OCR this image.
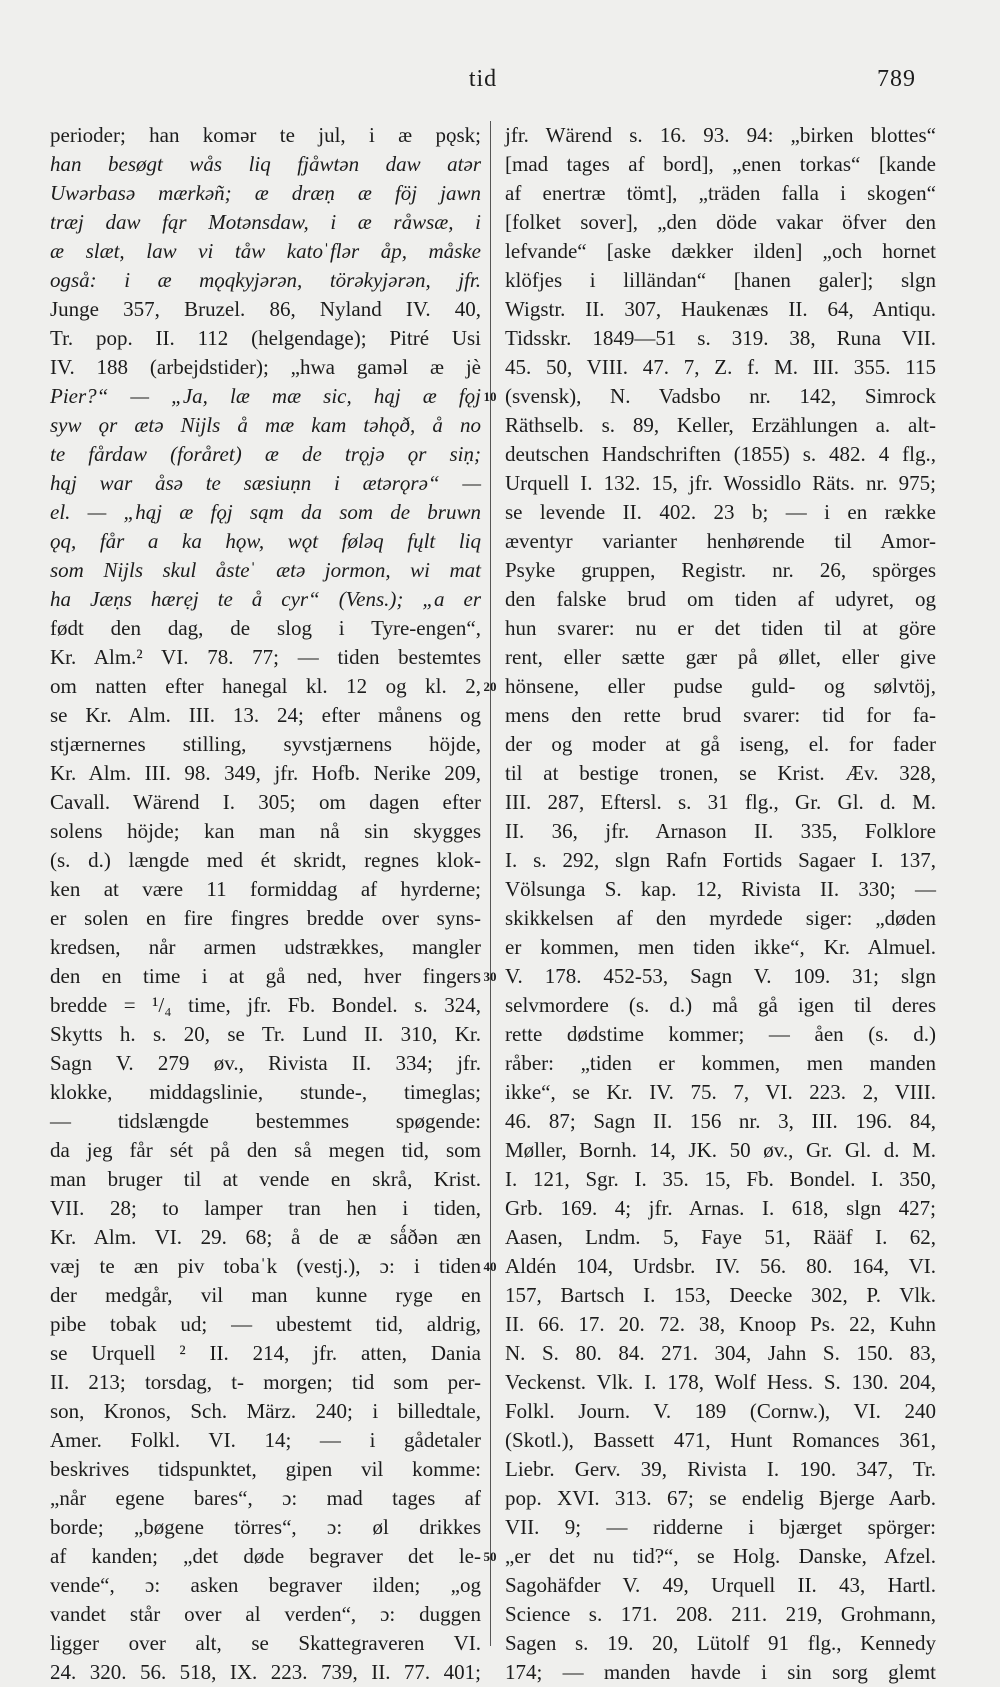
tid	789
perioder; han komər te jul, i æ pǫsk;
han besøgt wås liq fjåwtən daw atər
Uwərbasə mærkəñ; æ dræṇ æ föj jawn
træj daw fąr Motənsdaw, i æ råwsæ, i
æ slæt, law vi tåw katoˈflər åp, måske
også: i æ mǫqkyjərən, törəkyjərən, jfr.
Junge 357, Bruzel. 86, Nyland IV. 40,
Tr. pop. II. 112 (helgendage); Pitré Usi
IV. 188 (arbejdstider); „hwa gaməl æ jè
Pier?“ — „Ja, læ mæ sic, hąj æ fǫj
syw ǫr ætə Nijls å mæ kam təhǫð, å no
te fårdaw (foråret) æ de trǫjə ǫr siṇ;
hąj war åsə te sæsiuṇn i ætərǫrə“ —
el. — „hąj æ fǫj sąm da som de bruwn
ǫq, får a ka hǫw, wǫt føləq fųlt liq
som Nijls skul åsteˈ ætə jormon, wi mat
ha Jæṇs hærẹj te å cyr“ (Vens.); „a er
født den dag, de slog i Tyre-engen“,
Kr. Alm.² VI. 78. 77; — tiden bestemtes
om natten efter hanegal kl. 12 og kl. 2,
se Kr. Alm. III. 13. 24; efter månens og
stjærnernes stilling, syvstjærnens höjde,
Kr. Alm. III. 98. 349, jfr. Hofb. Nerike 209,
Cavall. Wärend I. 305; om dagen efter
solens höjde; kan man nå sin skygges
(s. d.) længde med ét skridt, regnes klok-
ken at være 11 formiddag af hyrderne;
er solen en fire fingres bredde over syns-
kredsen, når armen udstrækkes, mangler
den en time i at gå ned, hver fingers
bredde = ¹/₄ time, jfr. Fb. Bondel. s. 324,
Skytts h. s. 20, se Tr. Lund II. 310, Kr.
Sagn V. 279 øv., Rivista II. 334; jfr.
klokke, middagslinie, stunde-, timeglas;
— tidslængde bestemmes spøgende:
da jeg får sét på den så megen tid, som
man bruger til at vende en skrå, Krist.
VII. 28; to lamper tran hen i tiden,
Kr. Alm. VI. 29. 68; å de æ sǻðən æn
væj te æn piv tobaˈk (vestj.), ɔ: i tiden
der medgår, vil man kunne ryge en
pibe tobak ud; — ubestemt tid, aldrig,
se Urquell ² II. 214, jfr. atten, Dania
II. 213; torsdag, t- morgen; tid som per-
son, Kronos, Sch. März. 240; i billedtale,
Amer. Folkl. VI. 14; — i gådetaler
beskrives tidspunktet, gipen vil komme:
„når egene bares“, ɔ: mad tages af
borde; „bøgene törres“, ɔ: øl drikkes
af kanden; „det døde begraver det le-
vende“, ɔ: asken begraver ilden; „og
vandet står over al verden“, ɔ: duggen
ligger over alt, se Skattegraveren VI.
24. 320. 56. 518, IX. 223. 739, II. 77. 401;
jfr. Wärend s. 16. 93. 94: „birken blottes“
[mad tages af bord], „enen torkas“ [kande
af enertræ tömt], „träden falla i skogen“
[folket sover], „den döde vakar öfver den
lefvande“ [aske dækker ilden] „och hornet
klöfjes i lilländan“ [hanen galer]; slgn
Wigstr. II. 307, Haukenæs II. 64, Antiqu.
Tidsskr. 1849—51 s. 319. 38, Runa VII.
45. 50, VIII. 47. 7, Z. f. M. III. 355. 115
(svensk), N. Vadsbo nr. 142, Simrock
Räthselb. s. 89, Keller, Erzählungen a. alt-
deutschen Handschriften (1855) s. 482. 4 flg.,
Urquell I. 132. 15, jfr. Wossidlo Räts. nr. 975;
se levende II. 402. 23 b; — i en række
æventyr varianter henhørende til Amor-
Psyke gruppen, Registr. nr. 26, spörges
den falske brud om tiden af udyret, og
hun svarer: nu er det tiden til at göre
rent, eller sætte gær på øllet, eller give
hönsene, eller pudse guld- og sølvtöj,
mens den rette brud svarer: tid for fa-
der og moder at gå iseng, el. for fader
til at bestige tronen, se Krist. Æv. 328,
III. 287, Eftersl. s. 31 flg., Gr. Gl. d. M.
II. 36, jfr. Arnason II. 335, Folklore
I. s. 292, slgn Rafn Fortids Sagaer I. 137,
Völsunga S. kap. 12, Rivista II. 330; —
skikkelsen af den myrdede siger: „døden
er kommen, men tiden ikke“, Kr. Almuel.
V. 178. 452-53, Sagn V. 109. 31; slgn
selvmordere (s. d.) må gå igen til deres
rette dødstime kommer; — åen (s. d.)
råber: „tiden er kommen, men manden
ikke“, se Kr. IV. 75. 7, VI. 223. 2, VIII.
46. 87; Sagn II. 156 nr. 3, III. 196. 84,
Møller, Bornh. 14, JK. 50 øv., Gr. Gl. d. M.
I. 121, Sgr. I. 35. 15, Fb. Bondel. I. 350,
Grb. 169. 4; jfr. Arnas. I. 618, slgn 427;
Aasen, Lndm. 5, Faye 51, Rääf I. 62,
Aldén 104, Urdsbr. IV. 56. 80. 164, VI.
157, Bartsch I. 153, Deecke 302, P. Vlk.
II. 66. 17. 20. 72. 38, Knoop Ps. 22, Kuhn
N. S. 80. 84. 271. 304, Jahn S. 150. 83,
Veckenst. Vlk. I. 178, Wolf Hess. S. 130. 204,
Folkl. Journ. V. 189 (Cornw.), VI. 240
(Skotl.), Bassett 471, Hunt Romances 361,
Liebr. Gerv. 39, Rivista I. 190. 347, Tr.
pop. XVI. 313. 67; se endelig Bjerge Aarb.
VII. 9; — ridderne i bjærget spörger:
„er det nu tid?“, se Holg. Danske, Afzel.
Sagohäfder V. 49, Urquell II. 43, Hartl.
Science s. 171. 208. 211. 219, Grohmann,
Sagen s. 19. 20, Lütolf 91 flg., Kennedy
174; — manden havde i sin sorg glemt
10
20
30
40
50
